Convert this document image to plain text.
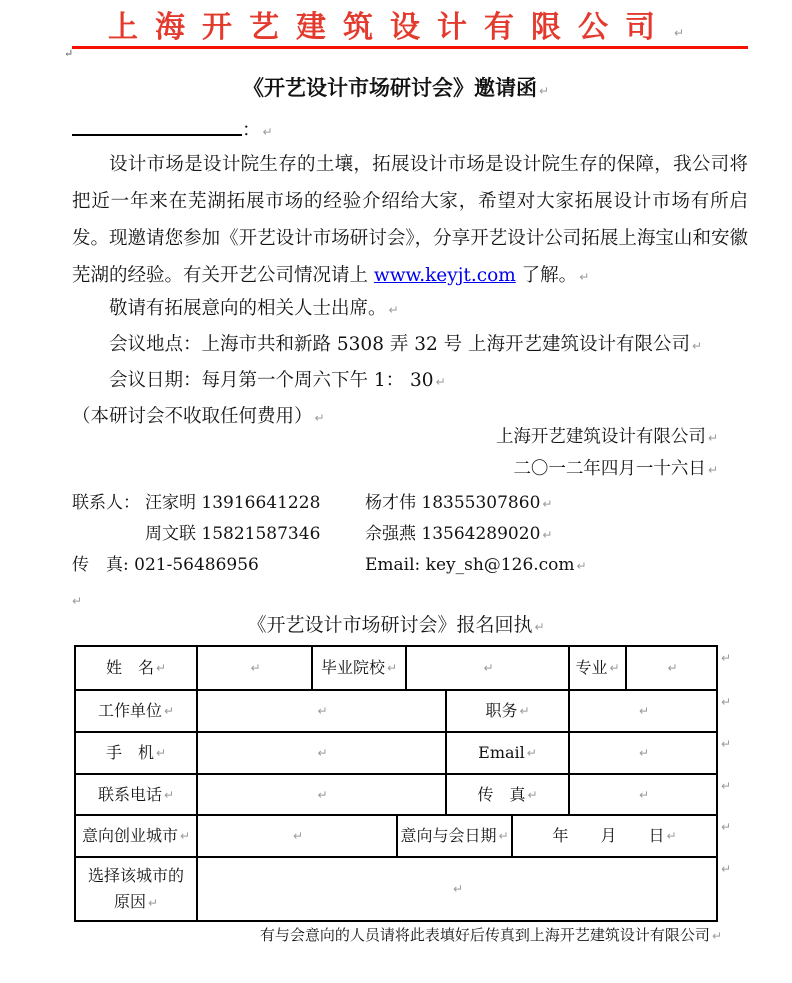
上海开艺建筑设计有限公司 ↵
↵
《开艺设计市场研讨会》邀请函 ↵
： ↵
设计市场是设计院生存的土壤，拓展设计市场是设计院生存的保障，我公司将把近一年来在芜湖拓展市场的经验介绍给大家，希望对大家拓展设计市场有所启发。现邀请您参加《开艺设计市场研讨会》，分享开艺设计公司拓展上海宝山和安徽芜湖的经验。有关开艺公司情况请上 www.keyjt.com 了解。 ↵
敬请有拓展意向的相关人士出席。 ↵
会议地点：上海市共和新路 5308 弄 32 号 上海开艺建筑设计有限公司 ↵
会议日期：每月第一个周六下午 1： 30 ↵
（本研讨会不收取任何费用） ↵
上海开艺建筑设计有限公司 ↵
二〇一二年四月一十六日 ↵
联系人： 汪家明 13916641228	杨才伟 18355307860 ↵
周文联 15821587346	佘强燕 13564289020 ↵
传　真: 021-56486956	Email: key_sh@126.com ↵
↵
《开艺设计市场研讨会》报名回执 ↵
姓　名 ↵	↵	毕业院校 ↵	↵	专业 ↵	↵
工作单位 ↵	↵	职务 ↵	↵
手　机 ↵	↵	Email ↵	↵
联系电话 ↵	↵	传　真 ↵	↵
意向创业城市 ↵	↵	意向与会日期 ↵	年　　月　　日 ↵
选择该城市的原因 ↵
↵
↵
↵
↵
↵
↵
↵
有与会意向的人员请将此表填好后传真到上海开艺建筑设计有限公司 ↵
